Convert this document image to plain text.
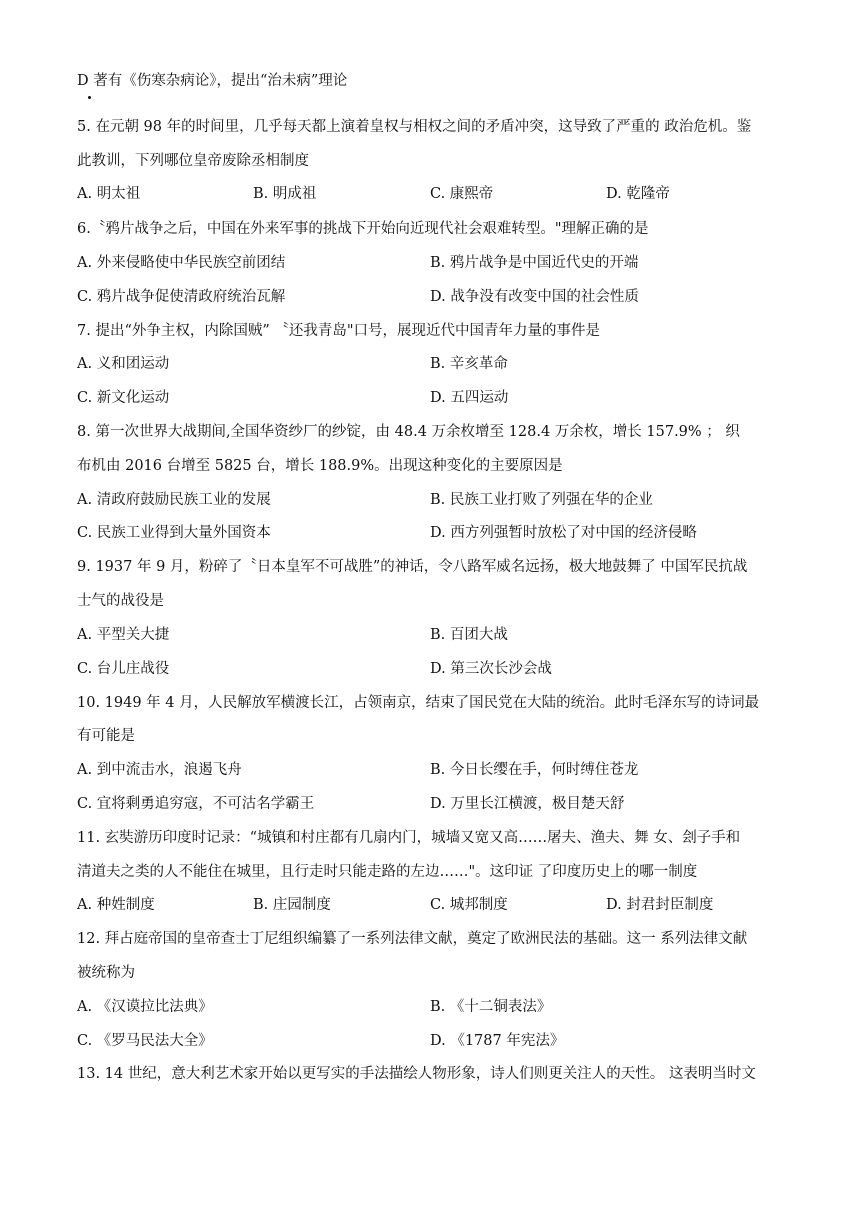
D 著有《伤寒杂病论》，提出“治未病”理论
5. 在元朝 98 年的时间里，几乎每天都上演着皇权与相权之间的矛盾冲突，这导致了严重的 政治危机。鉴
此教训，下列哪位皇帝废除丞相制度
A. 明太祖	B. 明成祖	C. 康熙帝	D. 乾隆帝
6.〝鸦片战争之后，中国在外来军事的挑战下开始向近现代社会艰难转型。"理解正确的是
A. 外来侵略使中华民族空前团结	B. 鸦片战争是中国近代史的开端
C. 鸦片战争促使清政府统治瓦解	D. 战争没有改变中国的社会性质
7. 提出“外争主权，内除国贼” 〝还我青岛"口号，展现近代中国青年力量的事件是
A. 义和团运动	B. 辛亥革命
C. 新文化运动	D. 五四运动
8. 第一次世界大战期间,全国华资纱厂的纱锭，由 48.4 万余枚增至 128.4 万余枚，增长 157.9% ； 织
布机由 2016 台增至 5825 台，增长 188.9%。出现这种变化的主要原因是
A. 清政府鼓励民族工业的发展	B. 民族工业打败了列强在华的企业
C. 民族工业得到大量外国资本	D. 西方列强暂时放松了对中国的经济侵略
9. 1937 年 9 月，粉碎了〝日本皇军不可战胜”的神话，令八路军威名远扬，极大地鼓舞了 中国军民抗战
士气的战役是
A. 平型关大捷	B. 百团大战
C. 台儿庄战役	D. 第三次长沙会战
10. 1949 年 4 月，人民解放军横渡长江，占领南京，结束了国民党在大陆的统治。此时毛泽东写的诗词最
有可能是
A. 到中流击水，浪遏飞舟	B. 今日长缨在手，何时缚住苍龙
C. 宜将剩勇追穷寇，不可沽名学霸王	D. 万里长江横渡，极目楚天舒
11. 玄奘游历印度时记录：“城镇和村庄都有几扇内门，城墙又宽又高……屠夫、渔夫、舞 女、刽子手和
清道夫之类的人不能住在城里，且行走时只能走路的左边……"。这印证 了印度历史上的哪一制度
A. 种姓制度	B. 庄园制度	C. 城邦制度	D. 封君封臣制度
12. 拜占庭帝国的皇帝查士丁尼组织编纂了一系列法律文献，奠定了欧洲民法的基础。这一 系列法律文献
被统称为
A. 《汉谟拉比法典》	B. 《十二铜表法》
C. 《罗马民法大全》	D. 《1787 年宪法》
13. 14 世纪，意大利艺术家开始以更写实的手法描绘人物形象，诗人们则更关注人的天性。 这表明当时文
